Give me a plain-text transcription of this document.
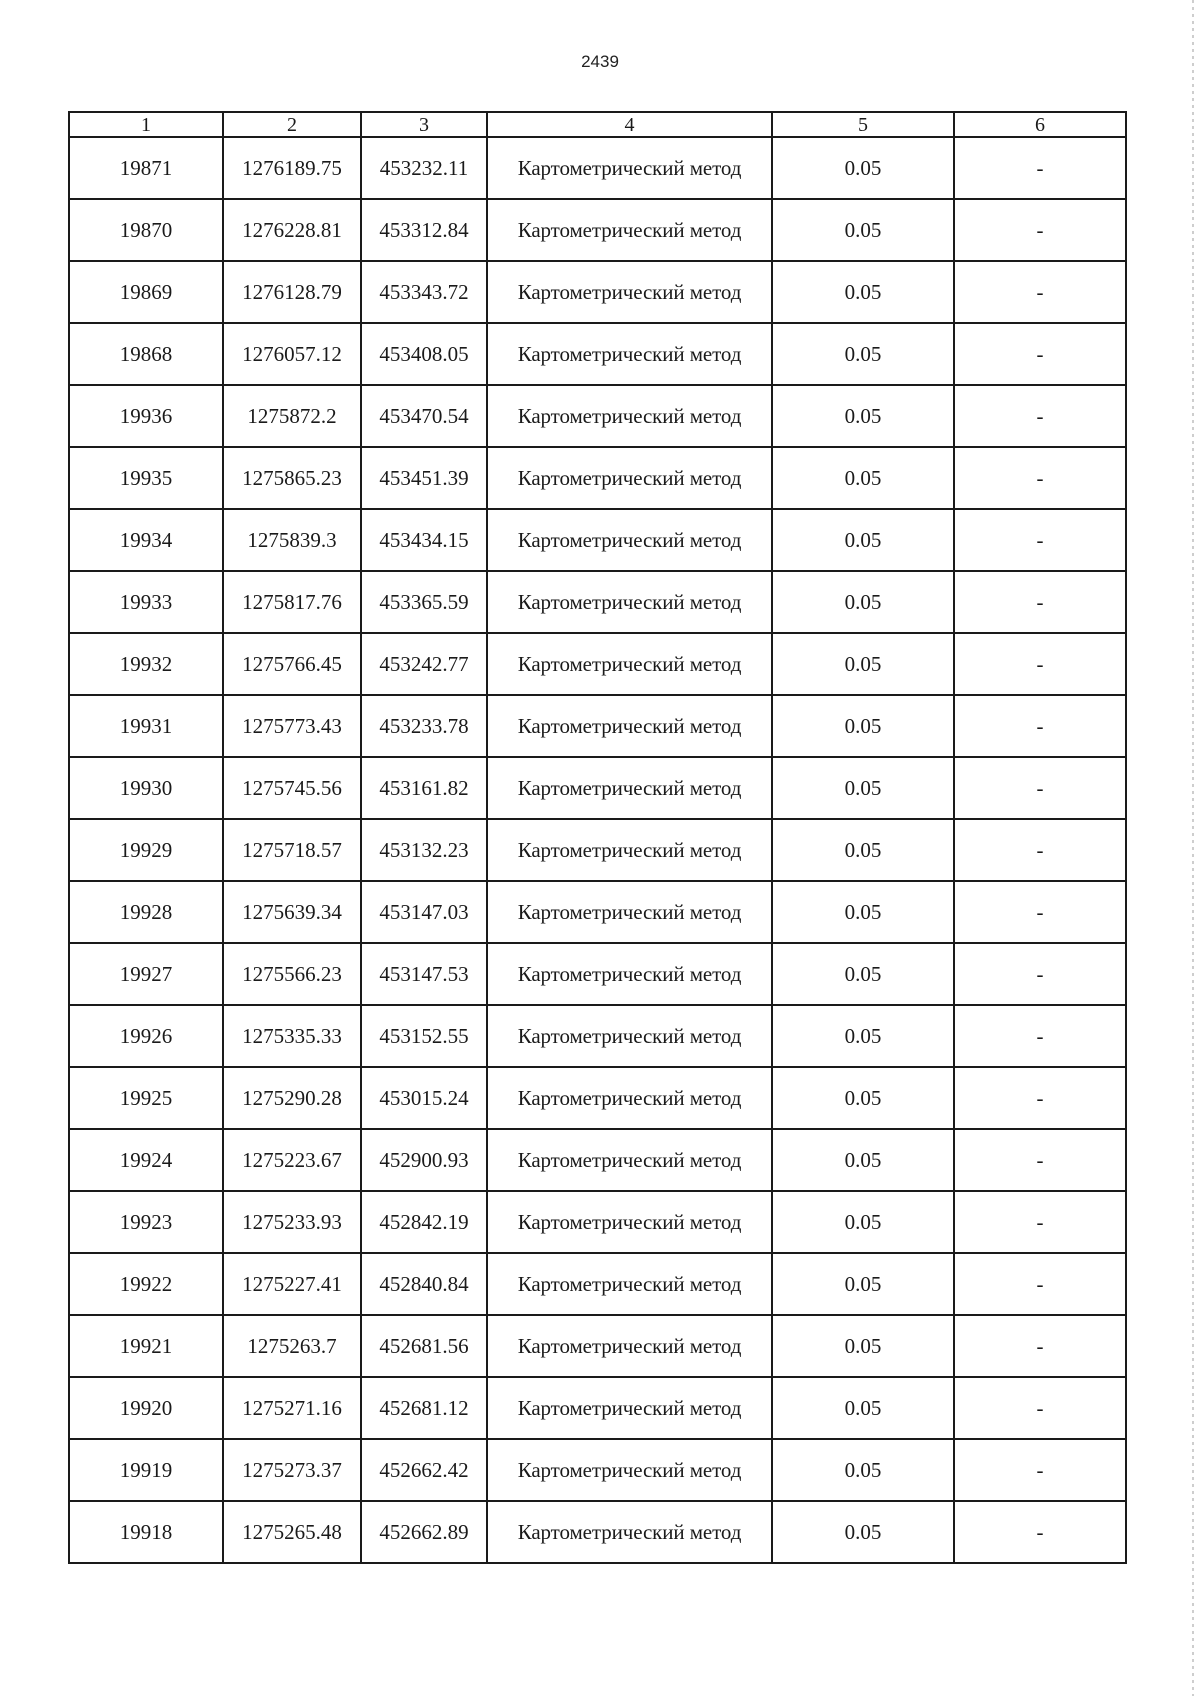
2439
1	2	3	4	5	6
19871	1276189.75	453232.11	Картометрический метод	0.05	-
19870	1276228.81	453312.84	Картометрический метод	0.05	-
19869	1276128.79	453343.72	Картометрический метод	0.05	-
19868	1276057.12	453408.05	Картометрический метод	0.05	-
19936	1275872.2	453470.54	Картометрический метод	0.05	-
19935	1275865.23	453451.39	Картометрический метод	0.05	-
19934	1275839.3	453434.15	Картометрический метод	0.05	-
19933	1275817.76	453365.59	Картометрический метод	0.05	-
19932	1275766.45	453242.77	Картометрический метод	0.05	-
19931	1275773.43	453233.78	Картометрический метод	0.05	-
19930	1275745.56	453161.82	Картометрический метод	0.05	-
19929	1275718.57	453132.23	Картометрический метод	0.05	-
19928	1275639.34	453147.03	Картометрический метод	0.05	-
19927	1275566.23	453147.53	Картометрический метод	0.05	-
19926	1275335.33	453152.55	Картометрический метод	0.05	-
19925	1275290.28	453015.24	Картометрический метод	0.05	-
19924	1275223.67	452900.93	Картометрический метод	0.05	-
19923	1275233.93	452842.19	Картометрический метод	0.05	-
19922	1275227.41	452840.84	Картометрический метод	0.05	-
19921	1275263.7	452681.56	Картометрический метод	0.05	-
19920	1275271.16	452681.12	Картометрический метод	0.05	-
19919	1275273.37	452662.42	Картометрический метод	0.05	-
19918	1275265.48	452662.89	Картометрический метод	0.05	-
